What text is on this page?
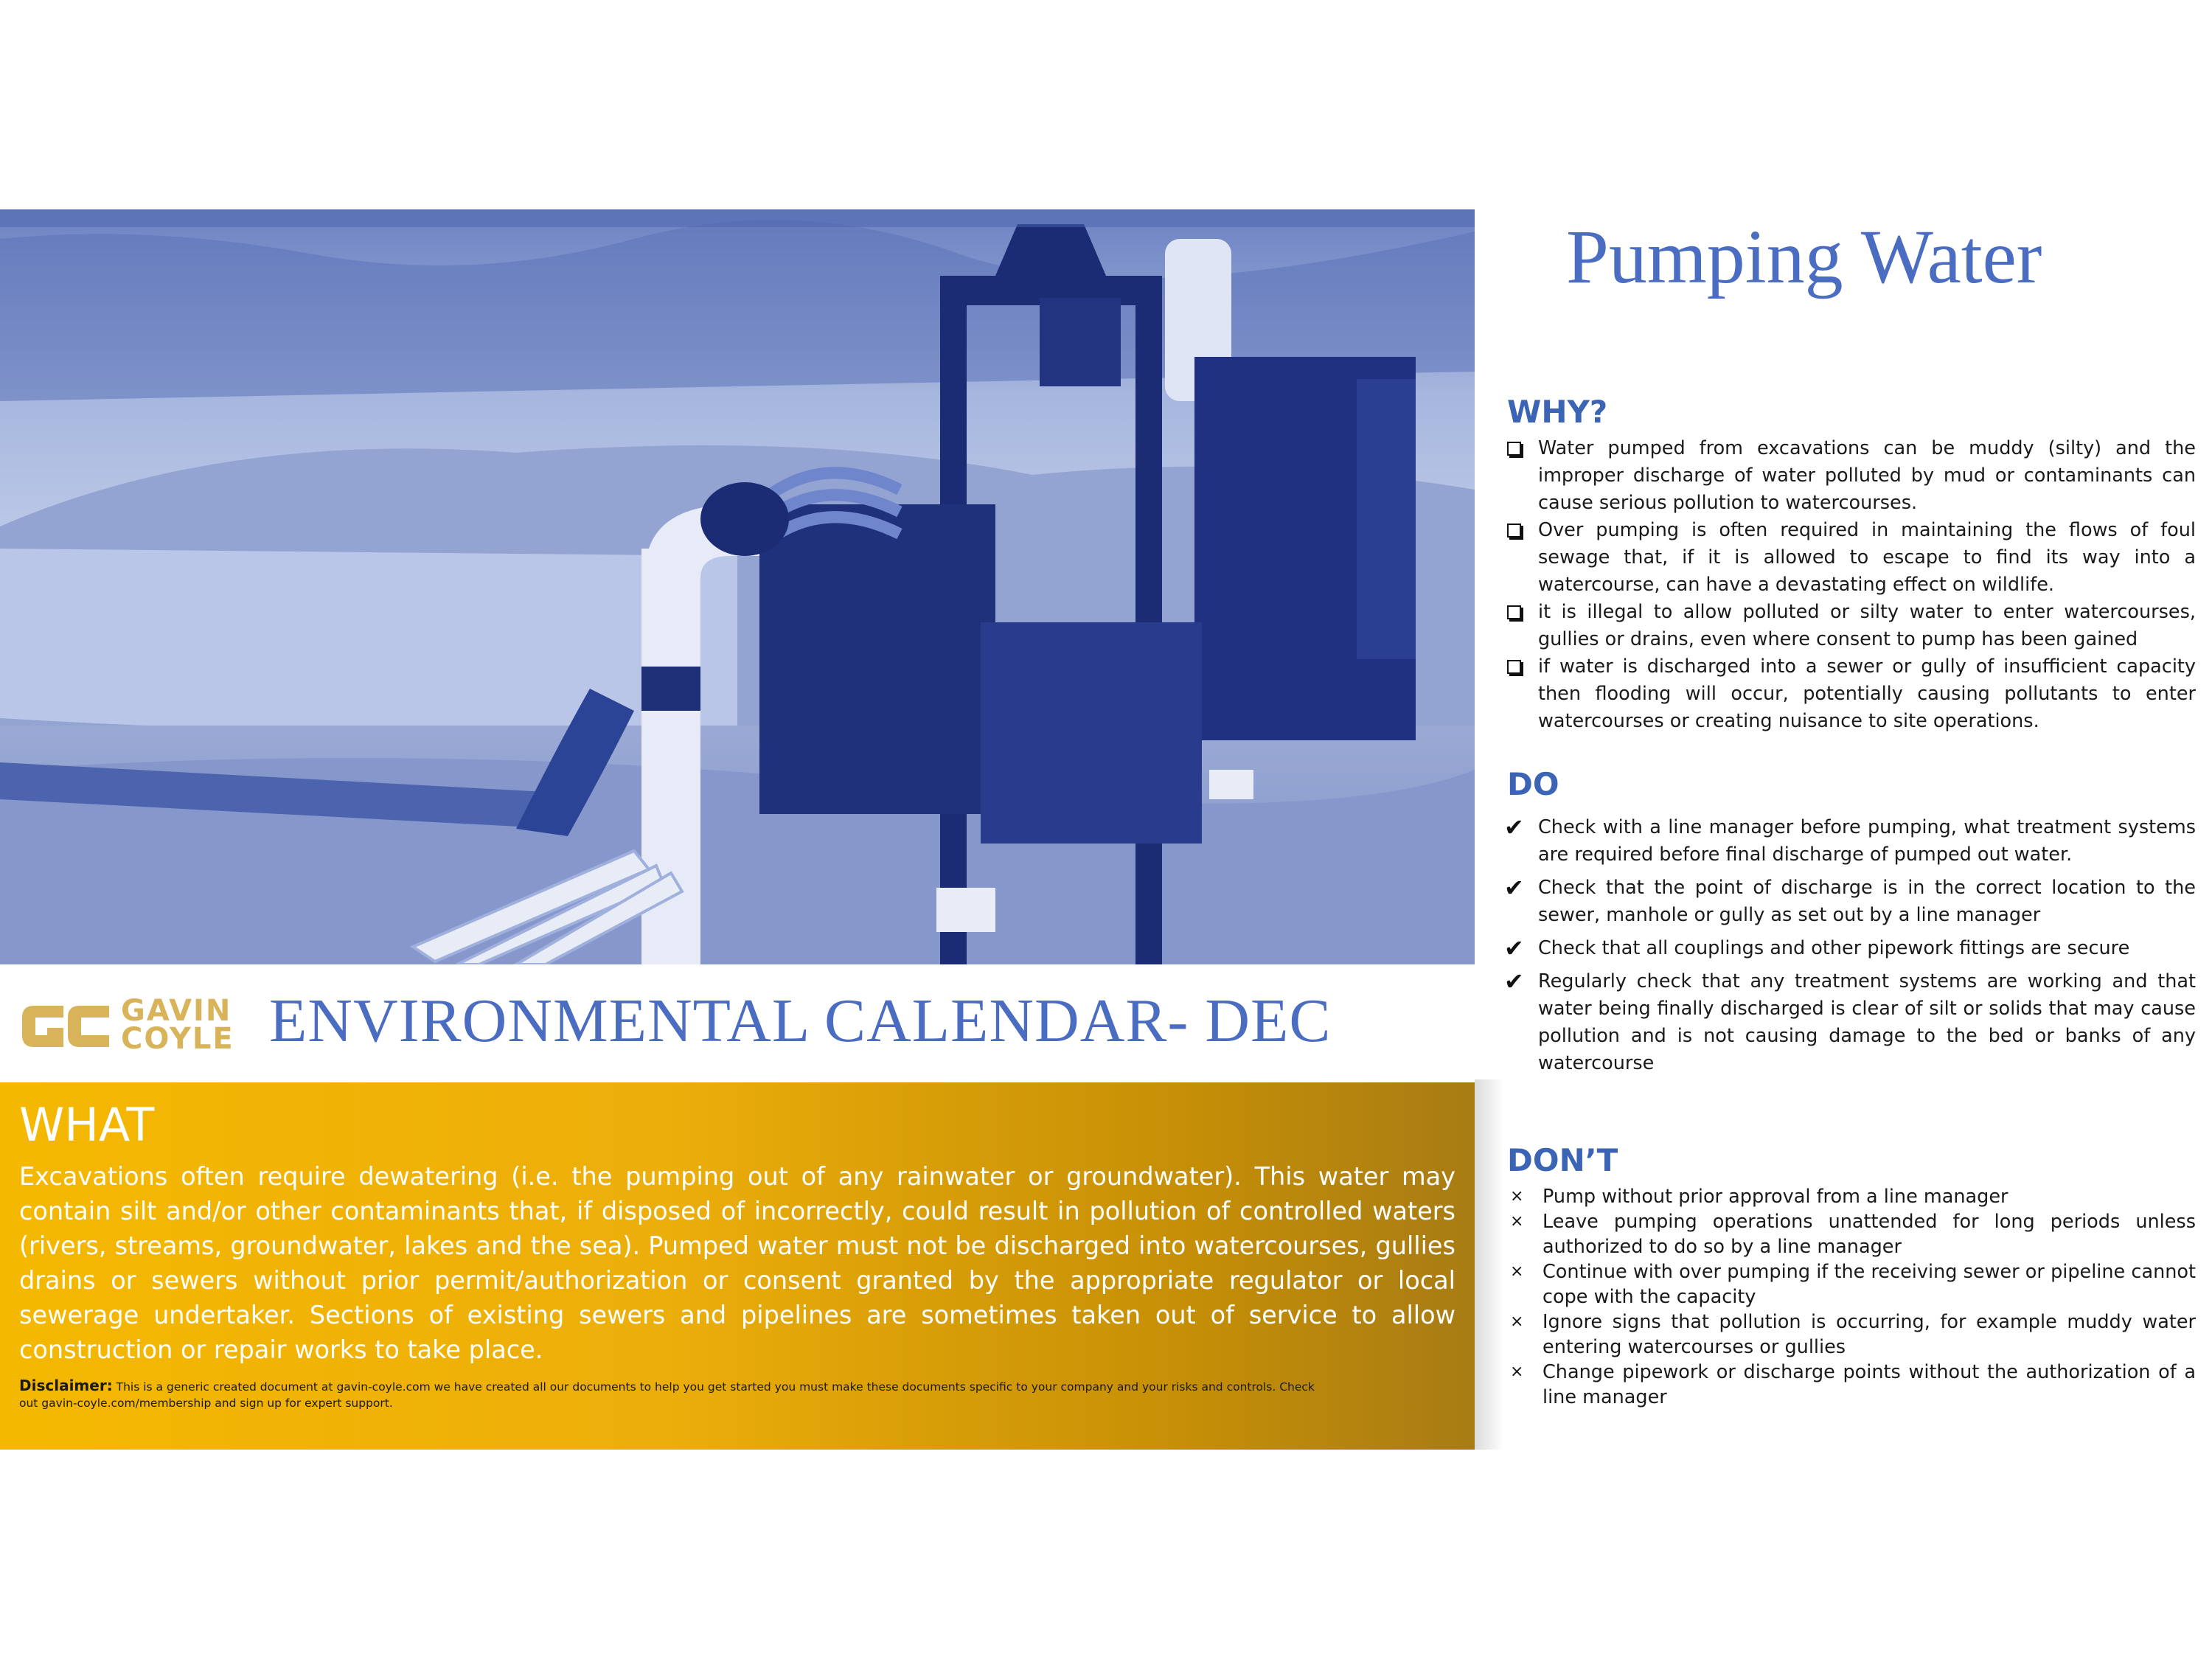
GAVIN
COYLE ENVIRONMENTAL CALENDAR- DEC
WHAT
Excavations often require dewatering (i.e. the pumping out of any rainwater or groundwater). This water may contain silt and/or other contaminants that, if disposed of incorrectly, could result in pollution of controlled waters (rivers, streams, groundwater, lakes and the sea). Pumped water must not be discharged into watercourses, gullies drains or sewers without prior permit/authorization or consent granted by the appropriate regulator or local sewerage undertaker. Sections of existing sewers and pipelines are sometimes taken out of service to allow construction or repair works to take place.
Disclaimer: This is a generic created document at gavin-coyle.com we have created all our documents to help you get started you must make these documents specific to your company and your risks and controls. Check out gavin-coyle.com/membership and sign up for expert support.
Pumping Water
WHY?
Water pumped from excavations can be muddy (silty) and the improper discharge of water polluted by mud or contaminants can cause serious pollution to watercourses.
Over pumping is often required in maintaining the flows of foul sewage that, if it is allowed to escape to find its way into a watercourse, can have a devastating effect on wildlife.
it is illegal to allow polluted or silty water to enter watercourses, gullies or drains, even where consent to pump has been gained
if water is discharged into a sewer or gully of insufficient capacity then flooding will occur, potentially causing pollutants to enter watercourses or creating nuisance to site operations.
DO
✔ Check with a line manager before pumping, what treatment systems are required before final discharge of pumped out water.
✔ Check that the point of discharge is in the correct location to the sewer, manhole or gully as set out by a line manager
✔ Check that all couplings and other pipework fittings are secure
✔ Regularly check that any treatment systems are working and that water being finally discharged is clear of silt or solids that may cause pollution and is not causing damage to the bed or banks of any watercourse
DON’T
×	Pump without prior approval from a line manager
×	Leave pumping operations unattended for long periods unless authorized to do so by a line manager
×	Continue with over pumping if the receiving sewer or pipeline cannot cope with the capacity
×	Ignore signs that pollution is occurring, for example muddy water entering watercourses or gullies
×	Change pipework or discharge points without the authorization of a line manager
